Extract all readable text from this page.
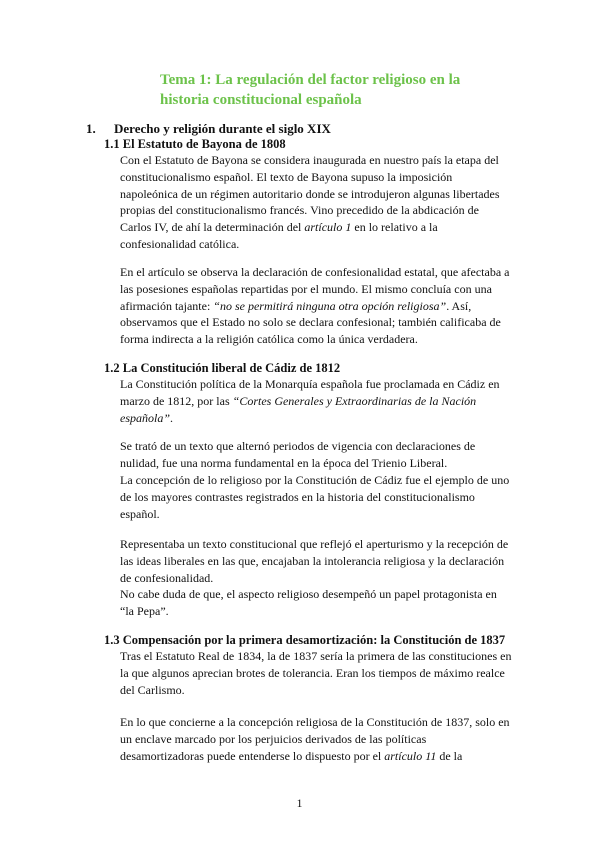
Tema 1: La regulación del factor religioso en la historia constitucional española
1. Derecho y religión durante el siglo XIX
1.1 El Estatuto de Bayona de 1808
Con el Estatuto de Bayona se considera inaugurada en nuestro país la etapa del constitucionalismo español. El texto de Bayona supuso la imposición napoleónica de un régimen autoritario donde se introdujeron algunas libertades propias del constitucionalismo francés. Vino precedido de la abdicación de Carlos IV, de ahí la determinación del artículo 1 en lo relativo a la confesionalidad católica.
En el artículo se observa la declaración de confesionalidad estatal, que afectaba a las posesiones españolas repartidas por el mundo. El mismo concluía con una afirmación tajante: “no se permitirá ninguna otra opción religiosa”. Así, observamos que el Estado no solo se declara confesional; también calificaba de forma indirecta a la religión católica como la única verdadera.
1.2 La Constitución liberal de Cádiz de 1812
La Constitución política de la Monarquía española fue proclamada en Cádiz en marzo de 1812, por las “Cortes Generales y Extraordinarias de la Nación española”.
Se trató de un texto que alternó periodos de vigencia con declaraciones de nulidad, fue una norma fundamental en la época del Trienio Liberal.
La concepción de lo religioso por la Constitución de Cádiz fue el ejemplo de uno de los mayores contrastes registrados en la historia del constitucionalismo español.
Representaba un texto constitucional que reflejó el aperturismo y la recepción de las ideas liberales en las que, encajaban la intolerancia religiosa y la declaración de confesionalidad.
No cabe duda de que, el aspecto religioso desempeñó un papel protagonista en “la Pepa”.
1.3 Compensación por la primera desamortización: la Constitución de 1837
Tras el Estatuto Real de 1834, la de 1837 sería la primera de las constituciones en la que algunos aprecian brotes de tolerancia. Eran los tiempos de máximo realce del Carlismo.
En lo que concierne a la concepción religiosa de la Constitución de 1837, solo en un enclave marcado por los perjuicios derivados de las políticas desamortizadoras puede entenderse lo dispuesto por el artículo 11 de la
1
